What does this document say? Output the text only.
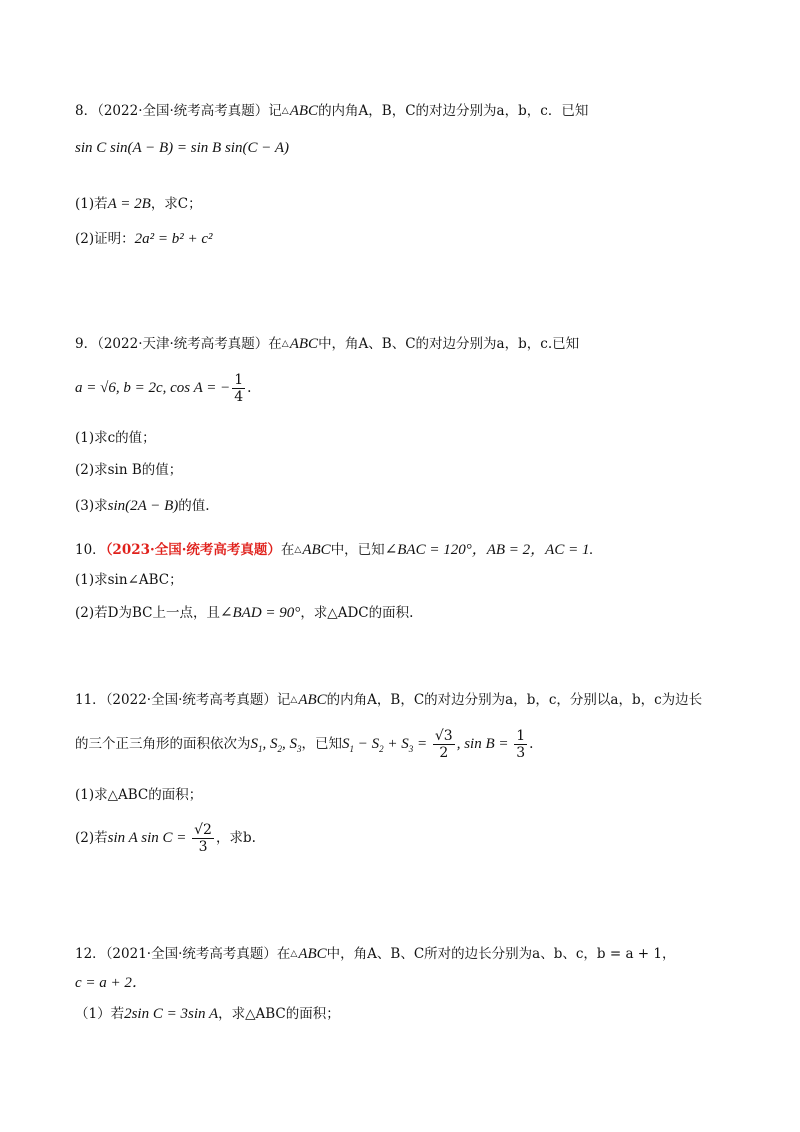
8．（2022·全国·统考高考真题）记△ABC的内角A，B，C的对边分别为a，b，c．已知
sin C sin(A − B) = sin B sin(C − A)
(1)若A = 2B，求C；
(2)证明：2a² = b² + c²
9．（2022·天津·统考高考真题）在△ABC中，角A、B、C的对边分别为a，b，c.已知
a = √6, b = 2c, cos A = − $\frac{1}{4}$ .
(1)求c的值；
(2)求sin B的值；
(3)求sin(2A − B)的值.
10．（2023·全国·统考高考真题）在△ABC中，已知∠BAC = 120°，AB = 2，AC = 1.
(1)求sin∠ABC；
(2)若D为BC上一点，且∠BAD = 90°，求△ADC的面积.
11．（2022·全国·统考高考真题）记△ABC的内角A，B，C的对边分别为a，b，c，分别以a，b，c为边长
的三个正三角形的面积依次为$S_1$, $S_2$, $S_3$，已知$S_1 - S_2 + S_3 = \frac{√3}{2}$ , $\sin B = \frac{1}{3}$ .
(1)求△ABC的面积；
(2)若sin A $\sin C = \frac{√2}{3}$ ，求b.
12．（2021·全国·统考高考真题）在△ABC中，角A、B、C所对的边长分别为a、b、c，b = a + 1，
c = a + 2．
（1）若2sin C = 3sin A，求△ABC的面积；
